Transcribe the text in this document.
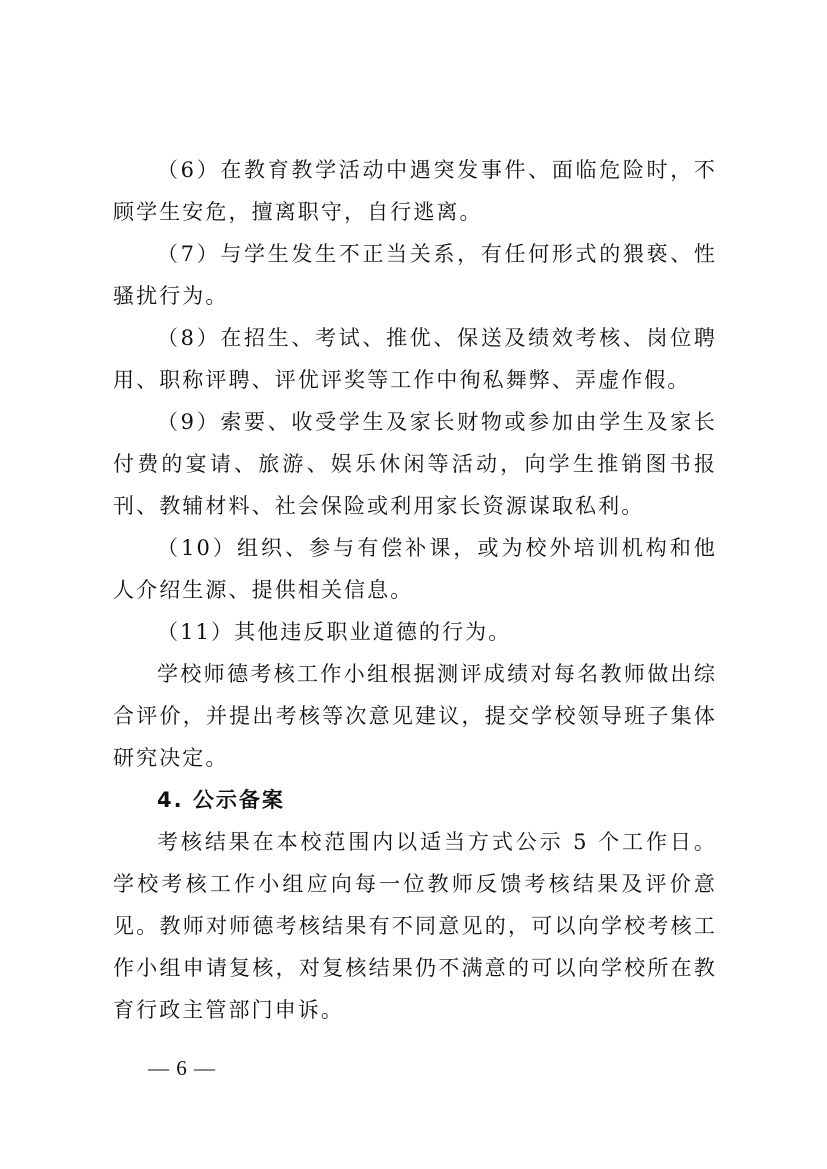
（6）在教育教学活动中遇突发事件、面临危险时，不顾学生安危，擅离职守，自行逃离。

（7）与学生发生不正当关系，有任何形式的猥亵、性骚扰行为。

（8）在招生、考试、推优、保送及绩效考核、岗位聘用、职称评聘、评优评奖等工作中徇私舞弊、弄虚作假。

（9）索要、收受学生及家长财物或参加由学生及家长付费的宴请、旅游、娱乐休闲等活动，向学生推销图书报刊、教辅材料、社会保险或利用家长资源谋取私利。

（10）组织、参与有偿补课，或为校外培训机构和他人介绍生源、提供相关信息。

（11）其他违反职业道德的行为。

学校师德考核工作小组根据测评成绩对每名教师做出综合评价，并提出考核等次意见建议，提交学校领导班子集体研究决定。

4. 公示备案

考核结果在本校范围内以适当方式公示 5 个工作日。学校考核工作小组应向每一位教师反馈考核结果及评价意见。教师对师德考核结果有不同意见的，可以向学校考核工作小组申请复核，对复核结果仍不满意的可以向学校所在教育行政主管部门申诉。

— 6 —
